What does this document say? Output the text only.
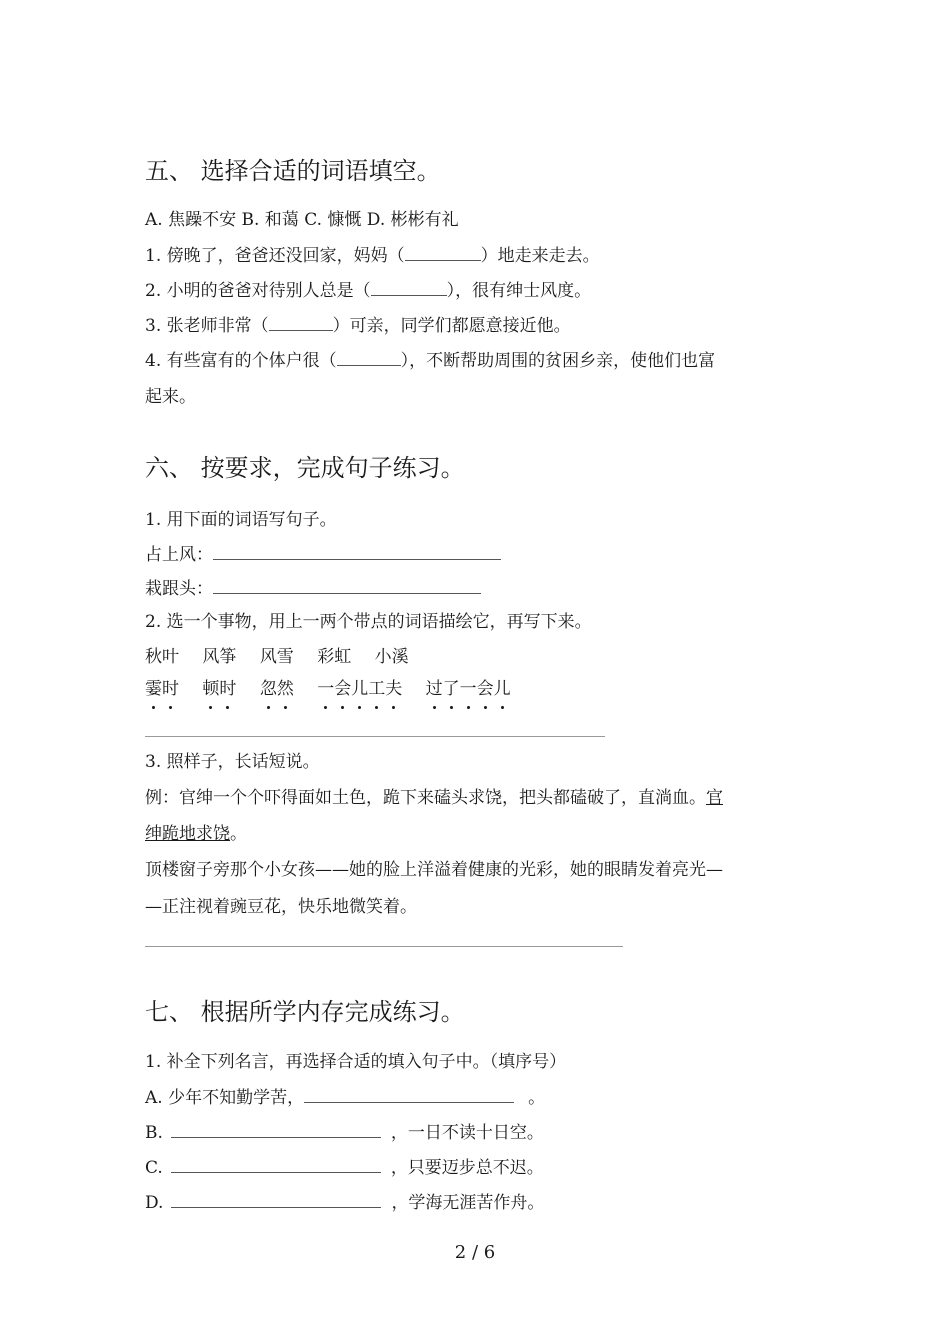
五、 选择合适的词语填空。
A. 焦躁不安 B. 和蔼 C. 慷慨 D. 彬彬有礼
1. 傍晚了，爸爸还没回家，妈妈（	）地走来走去。
2. 小明的爸爸对待别人总是（	），很有绅士风度。
3. 张老师非常（	）可亲，同学们都愿意接近他。
4. 有些富有的个体户很（	），不断帮助周围的贫困乡亲，使他们也富
起来。
六、 按要求，完成句子练习。
1. 用下面的词语写句子。
占上风：
栽跟头：
2. 选一个事物，用上一两个带点的词语描绘它，再写下来。
秋叶 风筝 风雪 彩虹 小溪
霎时 顿时 忽然 一会儿工夫 过了一会儿
3. 照样子，长话短说。
例：官绅一个个吓得面如土色，跪下来磕头求饶，把头都磕破了，直淌血。官
绅跪地求饶。
顶楼窗子旁那个小女孩——她的脸上洋溢着健康的光彩，她的眼睛发着亮光—
—正注视着豌豆花，快乐地微笑着。
七、 根据所学内存完成练习。
1. 补全下列名言，再选择合适的填入句子中。（填序号）
A. 少年不知勤学苦，	。
B.	，一日不读十日空。
C.	，只要迈步总不迟。
D.	，学海无涯苦作舟。
2 / 6
